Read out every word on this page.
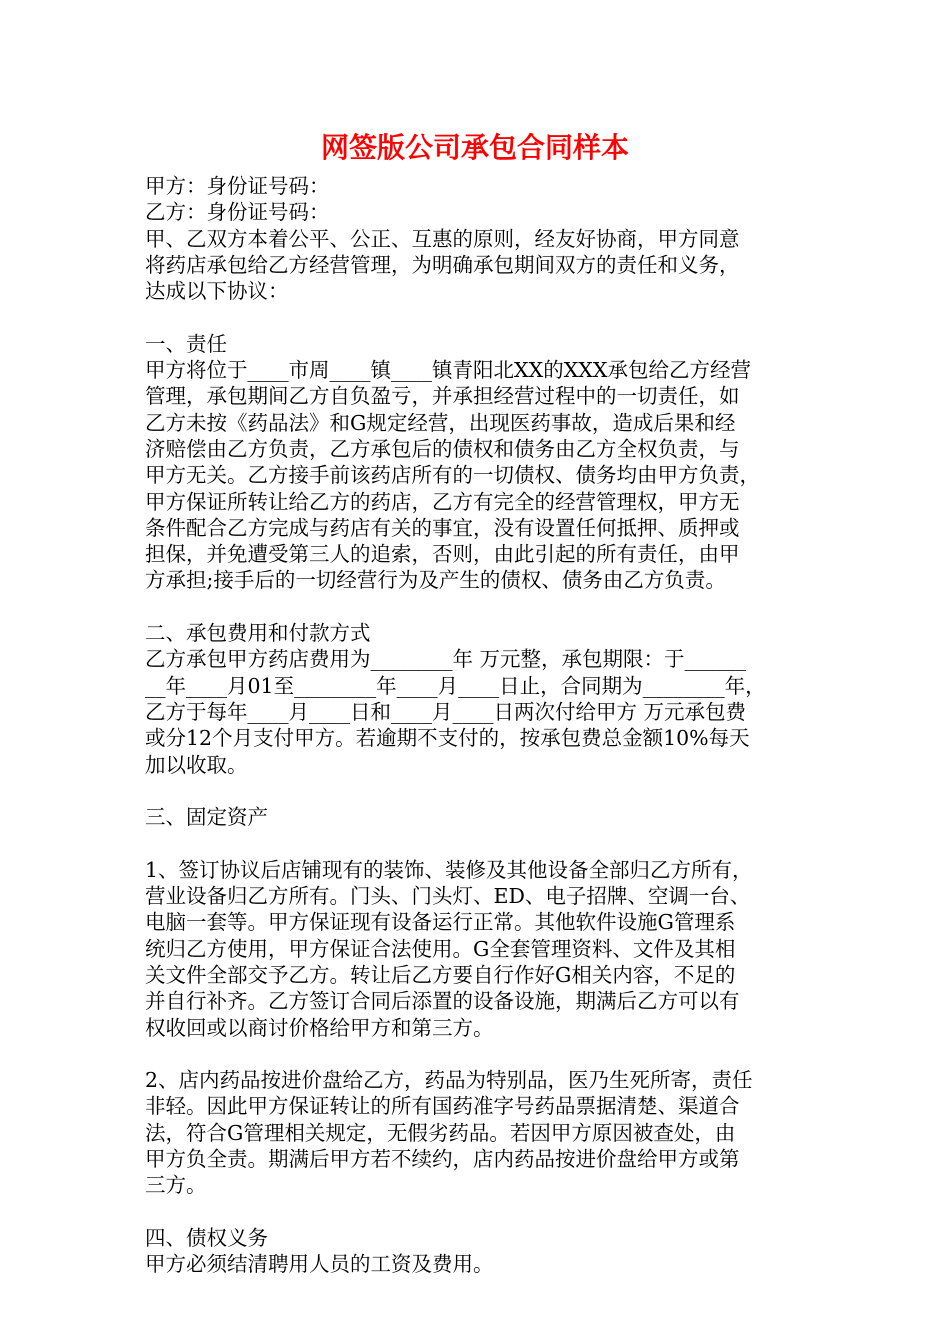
网签版公司承包合同样本
甲方：身份证号码：
乙方：身份证号码：
甲、乙双方本着公平、公正、互惠的原则，经友好协商，甲方同意
将药店承包给乙方经营管理，为明确承包期间双方的责任和义务，
达成以下协议：
一、责任
甲方将位于____市周____镇____镇青阳北XX的XXX承包给乙方经营
管理，承包期间乙方自负盈亏，并承担经营过程中的一切责任，如
乙方未按《药品法》和G规定经营，出现医药事故，造成后果和经
济赔偿由乙方负责，乙方承包后的债权和债务由乙方全权负责，与
甲方无关。乙方接手前该药店所有的一切债权、债务均由甲方负责，
甲方保证所转让给乙方的药店，乙方有完全的经营管理权，甲方无
条件配合乙方完成与药店有关的事宜，没有设置任何抵押、质押或
担保，并免遭受第三人的追索，否则，由此引起的所有责任，由甲
方承担;接手后的一切经营行为及产生的债权、债务由乙方负责。
二、承包费用和付款方式
乙方承包甲方药店费用为________年 万元整，承包期限：于______
__年____月01至________年____月____日止，合同期为________年，
乙方于每年____月____日和____月____日两次付给甲方 万元承包费
或分12个月支付甲方。若逾期不支付的，按承包费总金额10%每天
加以收取。
三、固定资产
1、签订协议后店铺现有的装饰、装修及其他设备全部归乙方所有，
营业设备归乙方所有。门头、门头灯、ED、电子招牌、空调一台、
电脑一套等。甲方保证现有设备运行正常。其他软件设施G管理系
统归乙方使用，甲方保证合法使用。G全套管理资料、文件及其相
关文件全部交予乙方。转让后乙方要自行作好G相关内容，不足的
并自行补齐。乙方签订合同后添置的设备设施，期满后乙方可以有
权收回或以商讨价格给甲方和第三方。
2、店内药品按进价盘给乙方，药品为特别品，医乃生死所寄，责任
非轻。因此甲方保证转让的所有国药准字号药品票据清楚、渠道合
法，符合G管理相关规定，无假劣药品。若因甲方原因被查处，由
甲方负全责。期满后甲方若不续约，店内药品按进价盘给甲方或第
三方。
四、债权义务
甲方必须结清聘用人员的工资及费用。
